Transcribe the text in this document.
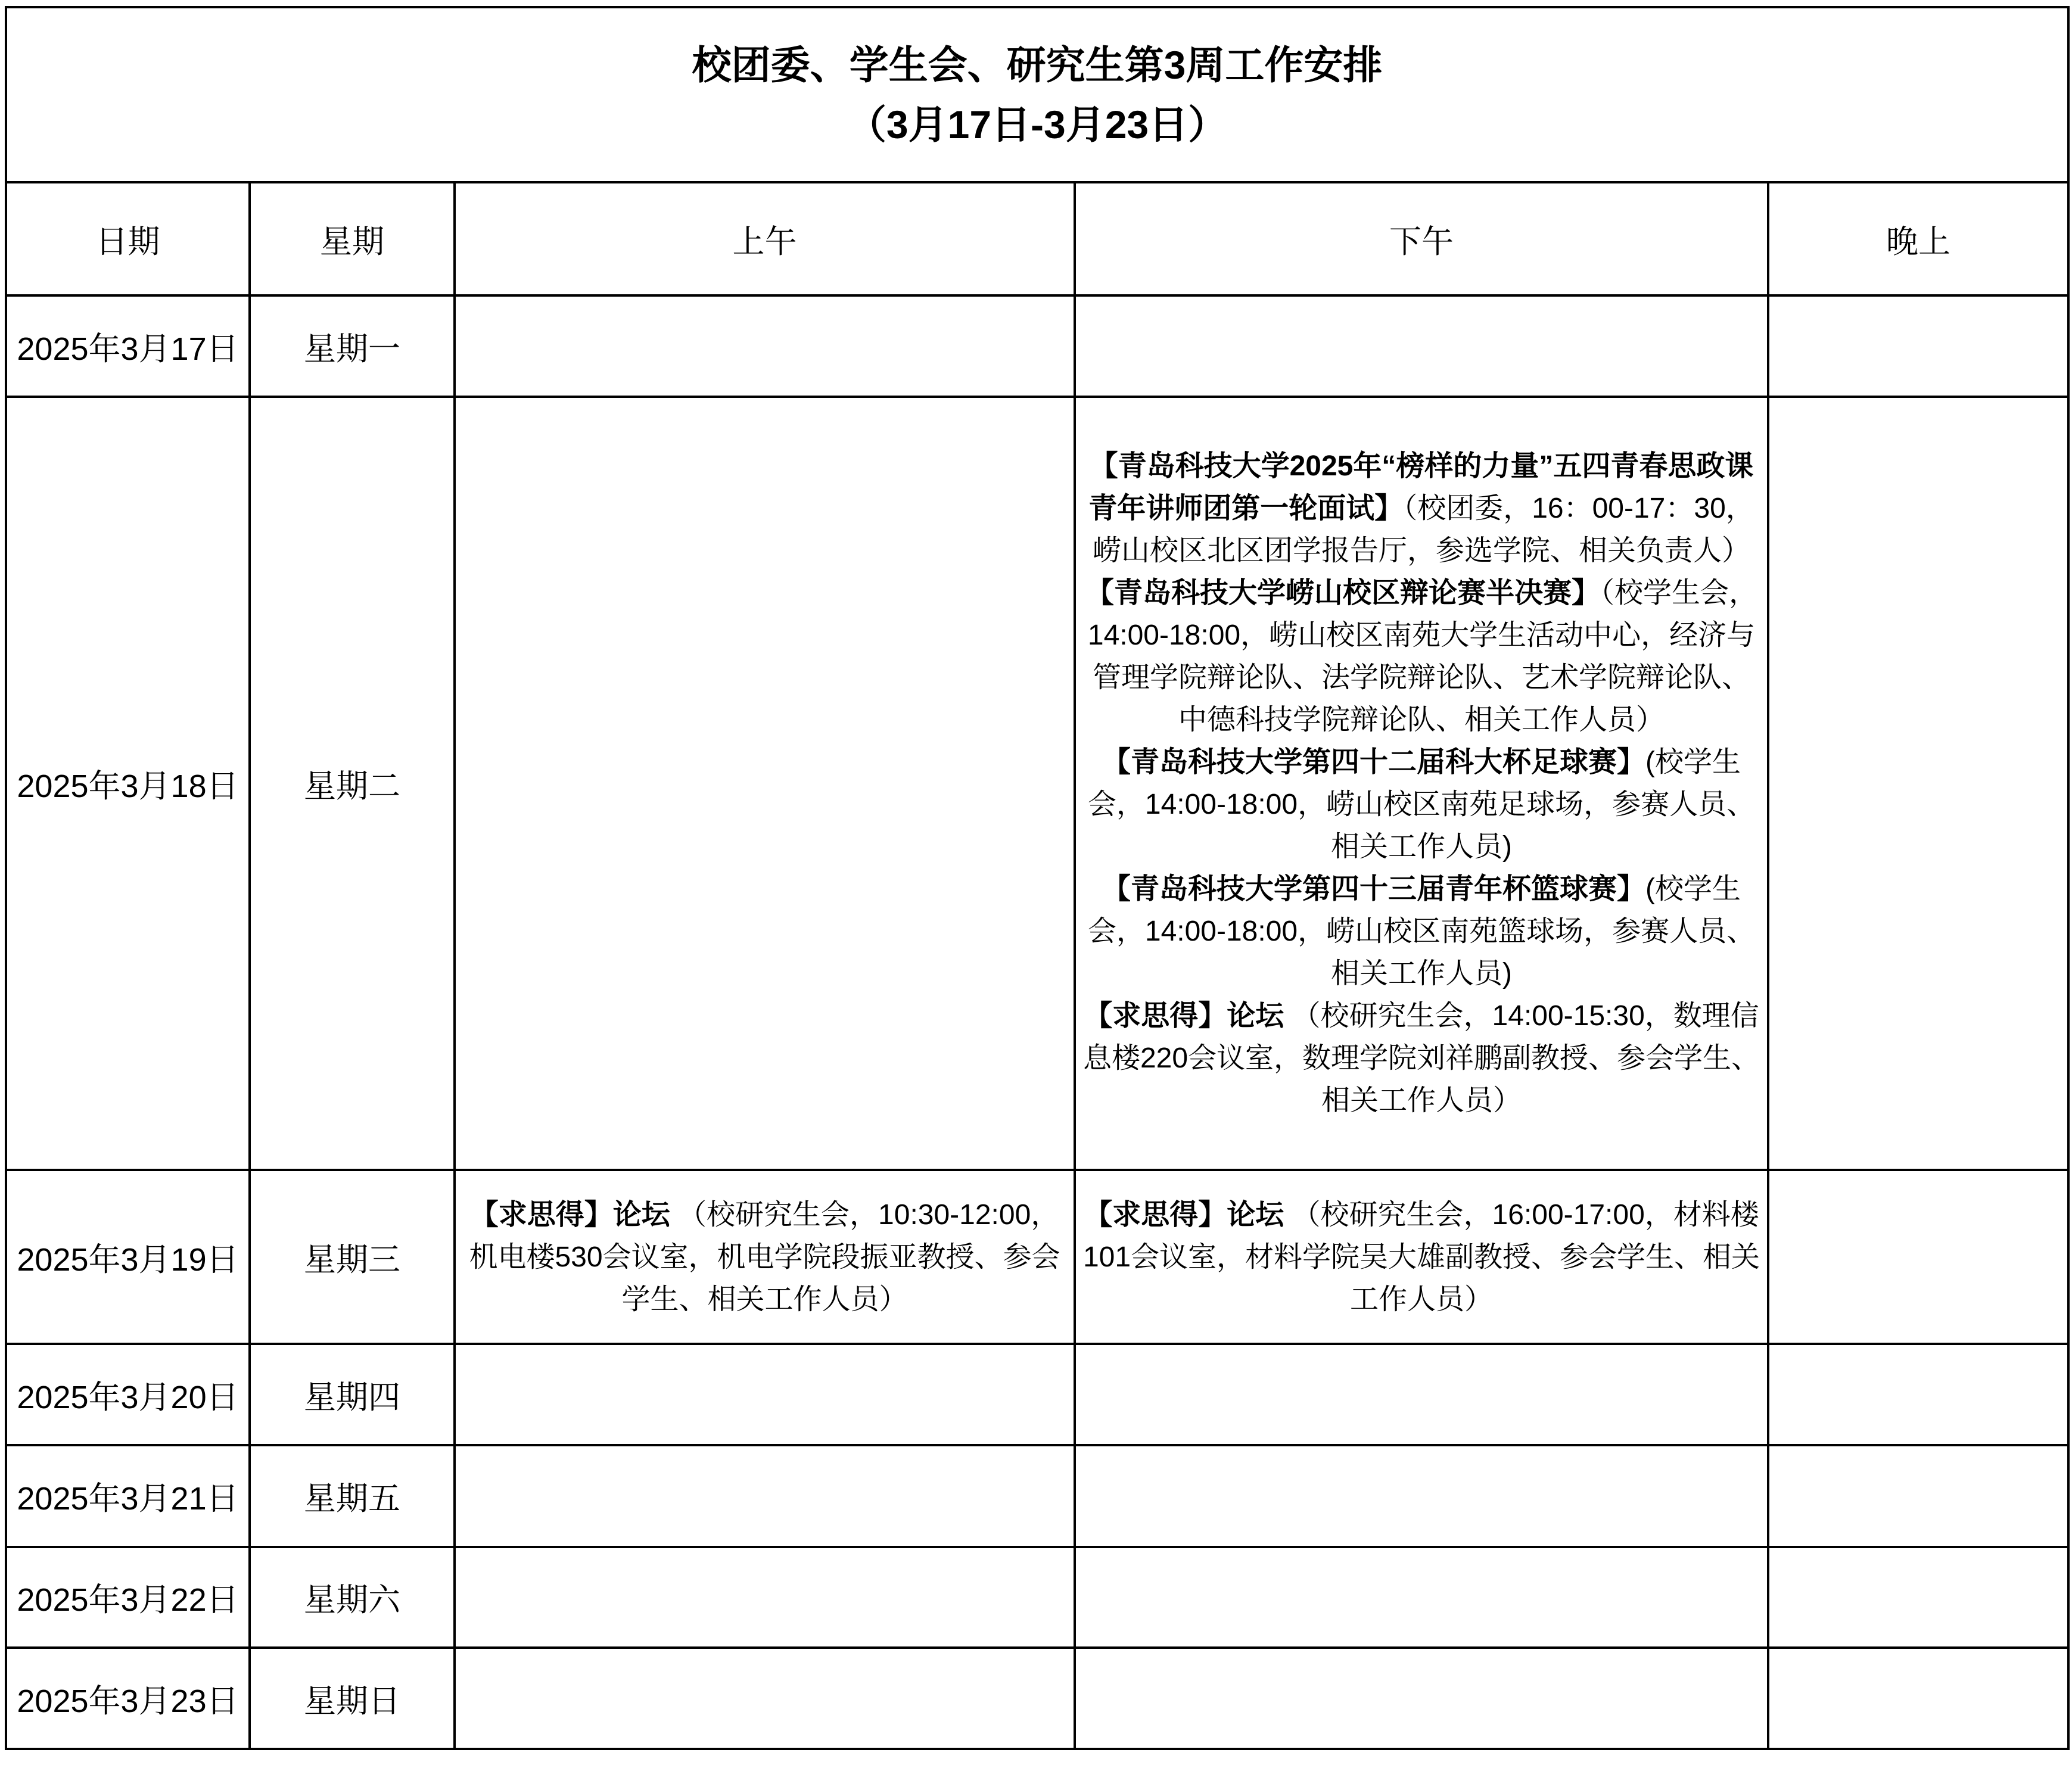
校团委、学生会、研究生第3周工作安排
（3月17日-3月23日）				

日期	星期	上午	下午	晚上
2025年3月17日	星期一			
2025年3月18日	星期二		【青岛科技大学2025年“榜样的力量”五四青春思政课青年讲师团第一轮面试】（校团委，16：00-17：30，崂山校区北区团学报告厅，参选学院、相关负责人）
【青岛科技大学崂山校区辩论赛半决赛】（校学生会，14:00-18:00，崂山校区南苑大学生活动中心，经济与管理学院辩论队、法学院辩论队、艺术学院辩论队、中德科技学院辩论队、相关工作人员）
【青岛科技大学第四十二届科大杯足球赛】(校学生会，14:00-18:00，崂山校区南苑足球场，参赛人员、相关工作人员)
【青岛科技大学第四十三届青年杯篮球赛】(校学生会，14:00-18:00，崂山校区南苑篮球场，参赛人员、相关工作人员)
【求思得】论坛 （校研究生会，14:00-15:30，数理信息楼220会议室，数理学院刘祥鹏副教授、参会学生、相关工作人员）	

2025年3月19日	星期三	【求思得】论坛 （校研究生会，10:30-12:00，机电楼530会议室，机电学院段振亚教授、参会学生、相关工作人员）	【求思得】论坛 （校研究生会，16:00-17:00，材料楼101会议室，材料学院吴大雄副教授、参会学生、相关工作人员）	

2025年3月20日	星期四			
2025年3月21日	星期五			
2025年3月22日	星期六			
2025年3月23日	星期日			
